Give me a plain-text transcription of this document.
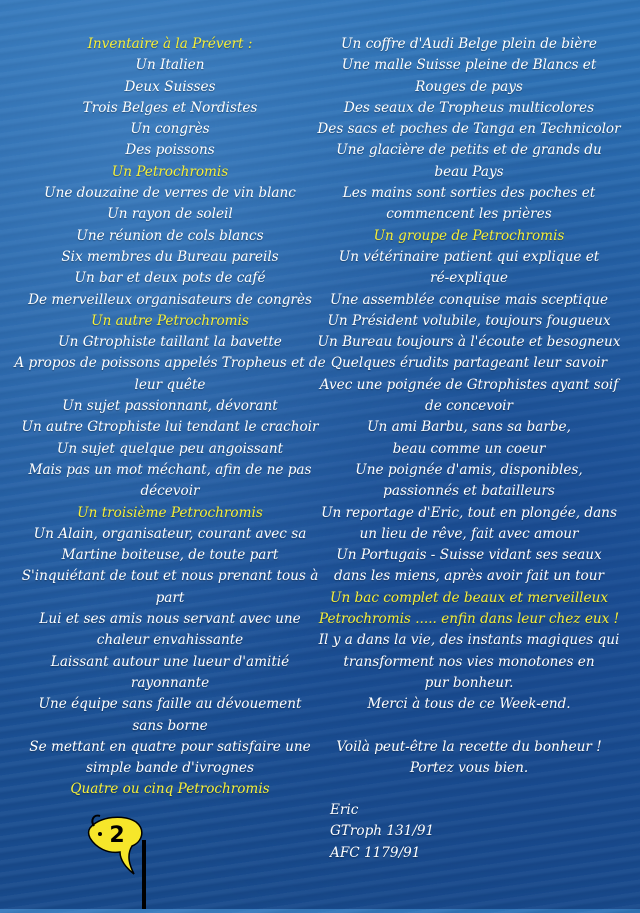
Inventaire à la Prévert :
Un Italien
Deux Suisses
Trois Belges et Nordistes
Un congrès
Des poissons
Un Petrochromis
Une douzaine de verres de vin blanc
Un rayon de soleil
Une réunion de cols blancs
Six membres du Bureau pareils
Un bar et deux pots de café
De merveilleux organisateurs de congrès
Un autre Petrochromis
Un Gtrophiste taillant la bavette
A propos de poissons appelés Tropheus et de
leur quête
Un sujet passionnant, dévorant
Un autre Gtrophiste lui tendant le crachoir
Un sujet quelque peu angoissant
Mais pas un mot méchant, afin de ne pas
décevoir
Un troisième Petrochromis
Un Alain, organisateur, courant avec sa
Martine boiteuse, de toute part
S'inquiétant de tout et nous prenant tous à
part
Lui et ses amis nous servant avec une
chaleur envahissante
Laissant autour une lueur d'amitié
rayonnante
Une équipe sans faille au dévouement
sans borne
Se mettant en quatre pour satisfaire une
simple bande d'ivrognes
Quatre ou cinq Petrochromis
Un coffre d'Audi Belge plein de bière
Une malle Suisse pleine de Blancs et
Rouges de pays
Des seaux de Tropheus multicolores
Des sacs et poches de Tanga en Technicolor
Une glacière de petits et de grands du
beau Pays
Les mains sont sorties des poches et
commencent les prières
Un groupe de Petrochromis
Un vétérinaire patient qui explique et
ré-explique
Une assemblée conquise mais sceptique
Un Président volubile, toujours fougueux
Un Bureau toujours à l'écoute et besogneux
Quelques érudits partageant leur savoir
Avec une poignée de Gtrophistes ayant soif
de concevoir
Un ami Barbu, sans sa barbe,
beau comme un coeur
Une poignée d'amis, disponibles,
passionnés et batailleurs
Un reportage d'Eric, tout en plongée, dans
un lieu de rêve, fait avec amour
Un Portugais - Suisse vidant ses seaux
dans les miens, après avoir fait un tour
Un bac complet de beaux et merveilleux
Petrochromis ..... enfin dans leur chez eux !
Il y a dans la vie, des instants magiques qui
transforment nos vies monotones en
pur bonheur.
Merci à tous de ce Week-end.
Voilà peut-être la recette du bonheur !
Portez vous bien.
Eric
GTroph 131/91
AFC 1179/91
2
